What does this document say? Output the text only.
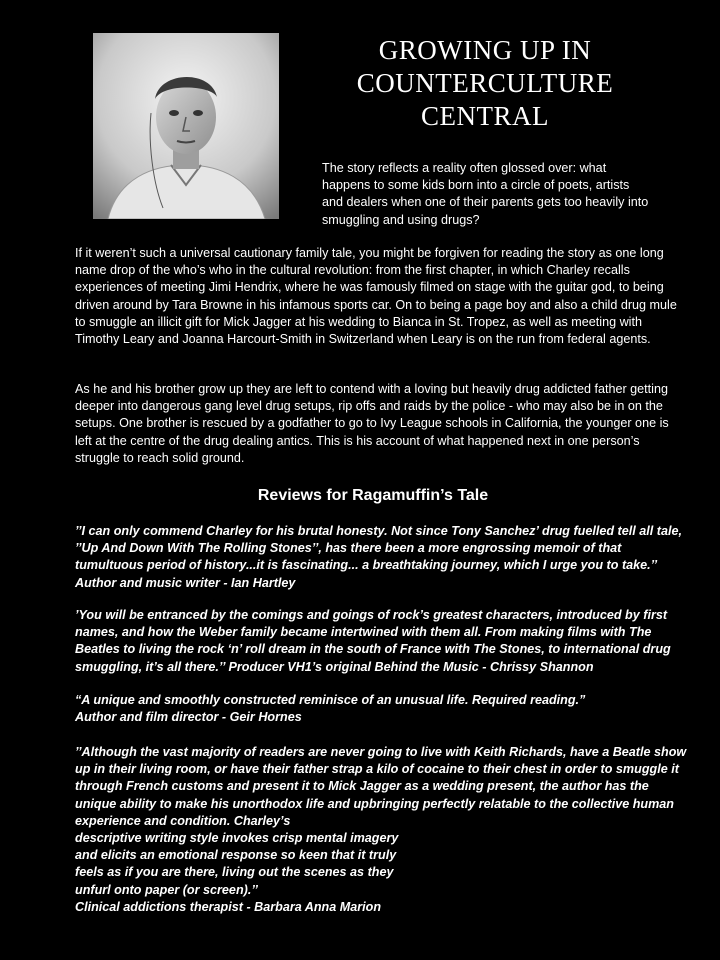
GROWING UP IN
COUNTERCULTURE
CENTRAL
The story reflects a reality often glossed over: what happens to some kids born into a circle of poets, artists and dealers when one of their parents gets too heavily into smuggling and using drugs?
If it weren’t such a universal cautionary family tale, you might be forgiven for reading the story as one long name drop of the who’s who in the cultural revolution: from the first chapter, in which Charley recalls experiences of meeting Jimi Hendrix, where he was famously filmed on stage with the guitar god, to being driven around by Tara Browne in his infamous sports car. On to being a page boy and also a child drug mule to smuggle an illicit gift for Mick Jagger at his wedding to Bianca in St. Tropez, as well as meeting with Timothy Leary and Joanna Harcourt-Smith in Switzerland when Leary is on the run from federal agents.
As he and his brother grow up they are left to contend with a loving but heavily drug addicted father getting deeper into dangerous gang level drug setups, rip offs and raids by the police - who may also be in on the setups. One brother is rescued by a godfather to go to Ivy League schools in California, the younger one is left at the centre of the drug dealing antics. This is his account of what happened next in one person’s struggle to reach solid ground.
Reviews for Ragamuffin’s Tale
’’I can only commend Charley for his brutal honesty. Not since Tony Sanchez’ drug fuelled tell all tale, ’’Up And Down With The Rolling Stones’’, has there been a more engrossing memoir of that tumultuous period of history...it is fascinating... a breathtaking journey, which I urge you to take.’’
Author and music writer - Ian Hartley
’You will be entranced by the comings and goings of rock’s greatest characters, introduced by first names, and how the Weber family became intertwined with them all. From making films with The Beatles to living the rock ‘n’ roll dream in the south of France with The Stones, to international drug smuggling, it’s all there.’’ Producer VH1’s original Behind the Music - Chrissy Shannon
“A unique and smoothly constructed reminisce of an unusual life. Required reading.”
Author and film director - Geir Hornes
’’Although the vast majority of readers are never going to live with Keith Richards, have a Beatle show up in their living room, or have their father strap a kilo of cocaine to their chest in order to smuggle it through French customs and present it to Mick Jagger as a wedding present, the author has the unique ability to make his unorthodox life and upbringing perfectly relatable to the collective human experience and condition. Charley’s
descriptive writing style invokes crisp mental imagery
and elicits an emotional response so keen that it truly
feels as if you are there, living out the scenes as they
unfurl onto paper (or screen).’’
Clinical addictions therapist - Barbara Anna Marion
